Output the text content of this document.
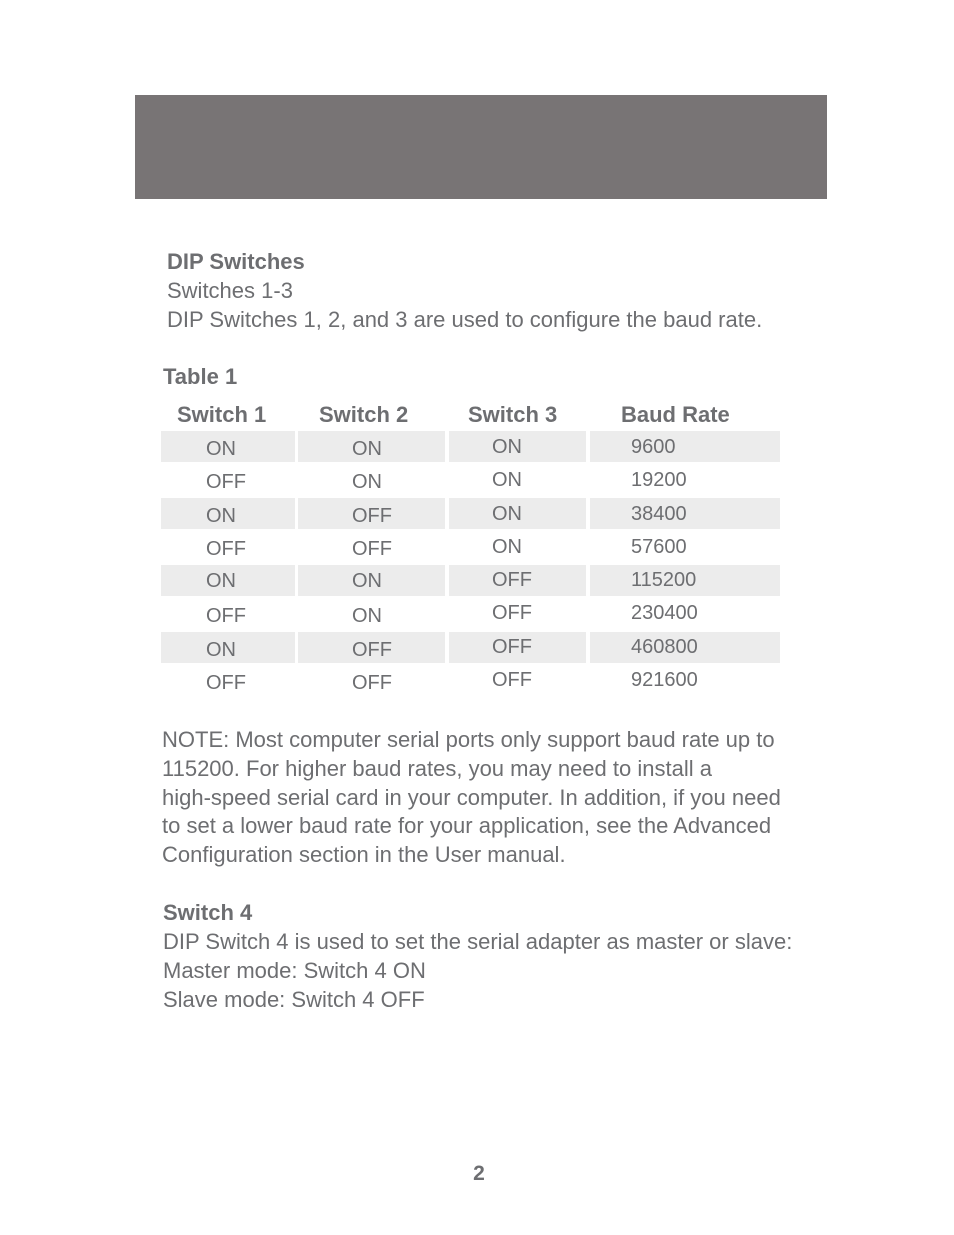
DIP Switches
Switches 1-3
DIP Switches 1, 2, and 3 are used to configure the baud rate.
Table 1
Switch 1 Switch 2	Switch 3	Baud Rate
ON	ON	ON	9600
OFF	ON	ON	19200
ON	OFF	ON	38400
OFF	OFF	ON	57600
ON	ON	OFF	115200
OFF	ON	OFF	230400
ON	OFF	OFF	460800
OFF	OFF	OFF	921600
NOTE: Most computer serial ports only support baud rate up to
115200. For higher baud rates, you may need to install a
high-speed serial card in your computer. In addition, if you need
to set a lower baud rate for your application, see the Advanced
Configuration section in the User manual.
Switch 4
DIP Switch 4 is used to set the serial adapter as master or slave:
Master mode: Switch 4 ON
Slave mode: Switch 4 OFF
2
